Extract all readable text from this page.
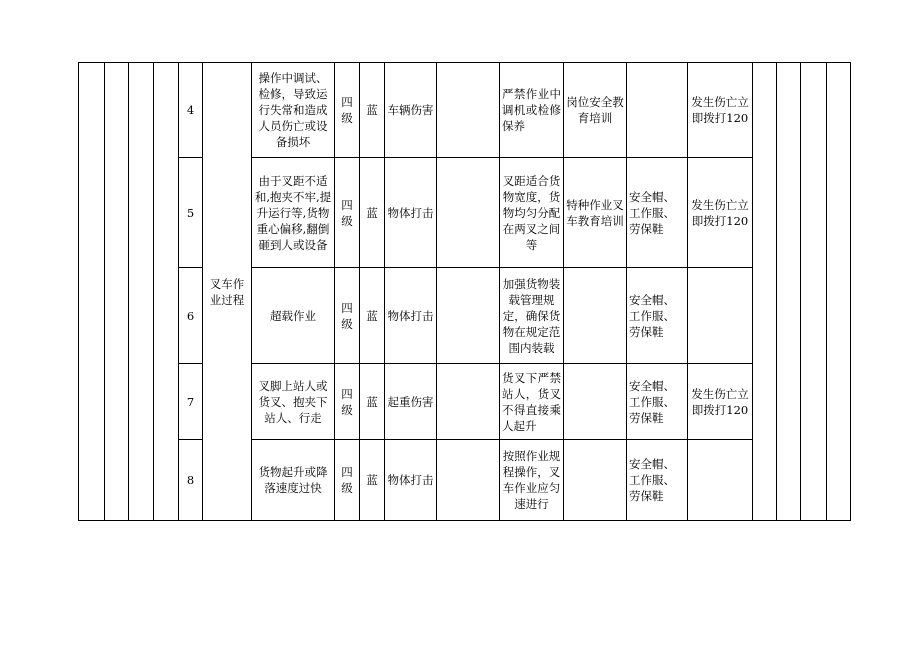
				4	叉车作业过程	操作中调试、检修，导致运行失常和造成人员伤亡或设备损坏	四级	蓝	车辆伤害		严禁作业中调机或检修保养	岗位安全教育培训		发生伤亡立即拨打120				
				5		由于叉距不适和,抱夹不牢,提升运行等,货物重心偏移,翻倒砸到人或设备	四级	蓝	物体打击		叉距适合货物宽度，货物均匀分配在两叉之间等	特种作业叉车教育培训	安全帽、工作服、劳保鞋	发生伤亡立即拨打120				
				6		超载作业	四级	蓝	物体打击		加强货物装载管理规定，确保货物在规定范围内装载		安全帽、工作服、劳保鞋					
				7		叉脚上站人或货叉、抱夹下站人、行走	四级	蓝	起重伤害		货叉下严禁站人，货叉不得直接乘人起升		安全帽、工作服、劳保鞋	发生伤亡立即拨打120				
				8		货物起升或降落速度过快	四级	蓝	物体打击		按照作业规程操作，叉车作业应匀速进行		安全帽、工作服、劳保鞋					
